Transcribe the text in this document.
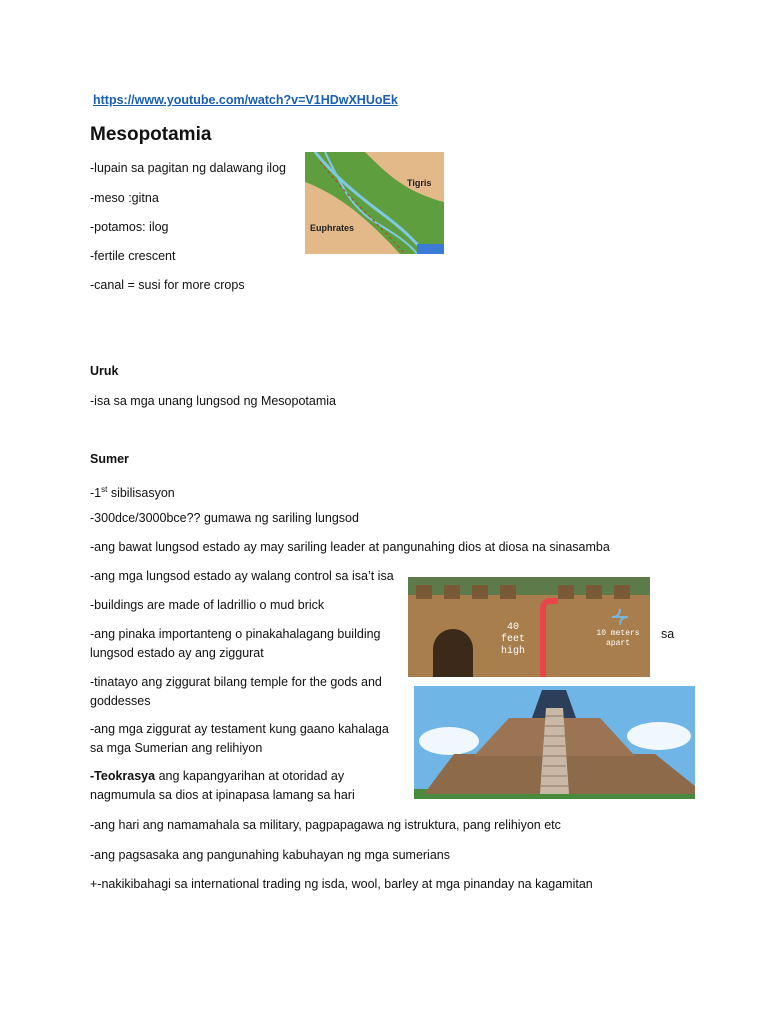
https://www.youtube.com/watch?v=V1HDwXHUoEk
Mesopotamia
-lupain sa pagitan ng dalawang ilog
-meso :gitna
-potamos: ilog
-fertile crescent
-canal = susi for more crops
Tigris
Euphrates
Uruk
-isa sa mga unang lungsod ng Mesopotamia
Sumer
-1st sibilisasyon
-300dce/3000bce?? gumawa ng sariling lungsod
-ang bawat lungsod estado ay may sariling leader at pangunahing dios at diosa na sinasamba
-ang mga lungsod estado ay walang control sa isa’t isa
-buildings are made of ladrillio o mud brick
-ang pinaka importanteng o pinakahalagang building	sa
lungsod estado ay ang ziggurat
-tinatayo ang ziggurat bilang temple for the gods and goddesses
-ang mga ziggurat ay testament kung gaano kahalaga sa mga Sumerian ang relihiyon
-Teokrasya ang kapangyarihan at otoridad ay nagmumula sa dios at ipinapasa lamang sa hari
-ang hari ang namamahala sa military, pagpapagawa ng istruktura, pang relihiyon etc
-ang pagsasaka ang pangunahing kabuhayan ng mga sumerians
+-nakikibahagi sa international trading ng isda, wool, barley at mga pinanday na kagamitan
40 feet high
10 meters apart
